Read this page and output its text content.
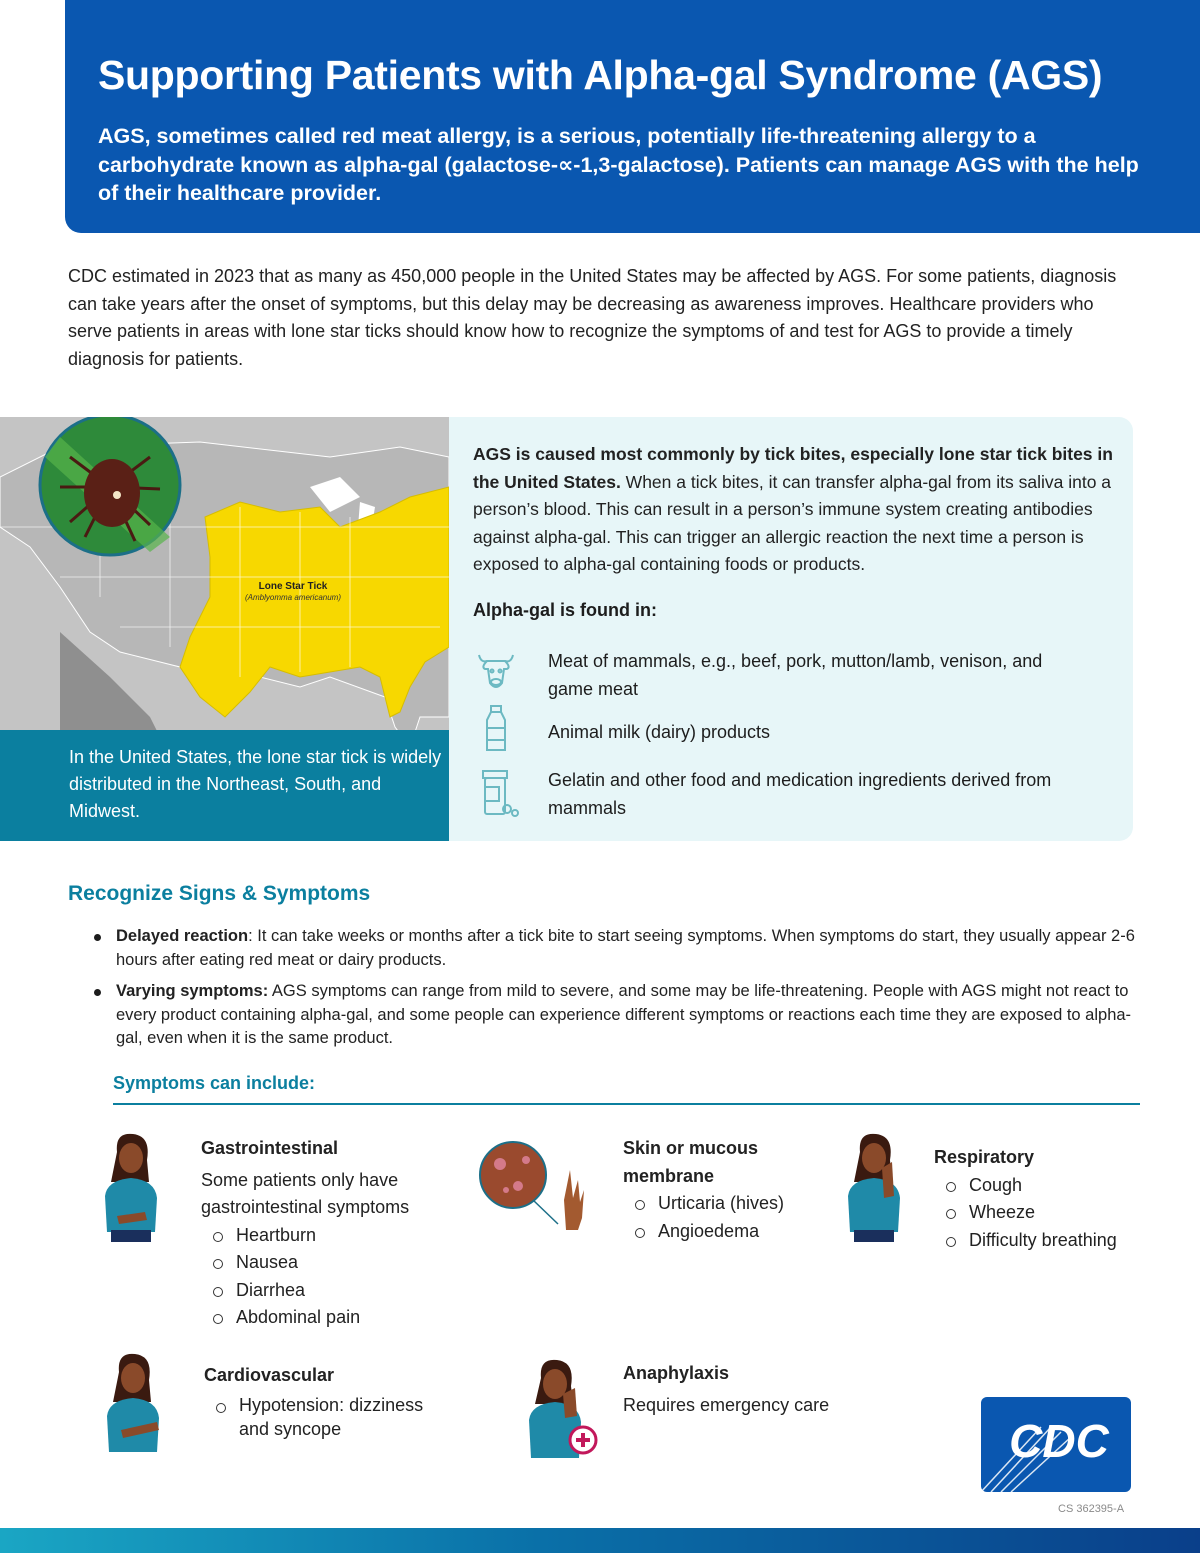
Supporting Patients with Alpha-gal Syndrome (AGS)

AGS, sometimes called red meat allergy, is a serious, potentially life-threatening allergy to a carbohydrate known as alpha-gal (galactose-∝-1,3-galactose). Patients can manage AGS with the help of their healthcare provider.

CDC estimated in 2023 that as many as 450,000 people in the United States may be affected by AGS. For some patients, diagnosis can take years after the onset of symptoms, but this delay may be decreasing as awareness improves. Healthcare providers who serve patients in areas with lone star ticks should know how to recognize the symptoms of and test for AGS to provide a timely diagnosis for patients.

Lone Star Tick
(Amblyomma americanum)
In the United States, the lone star tick is widely distributed in the Northeast, South, and Midwest.

AGS is caused most commonly by tick bites, especially lone star tick bites in the United States. When a tick bites, it can transfer alpha-gal from its saliva into a person’s blood. This can result in a person’s immune system creating antibodies against alpha-gal. This can trigger an allergic reaction the next time a person is exposed to alpha-gal containing foods or products.

Alpha-gal is found in:
Meat of mammals, e.g., beef, pork, mutton/lamb, venison, and game meat
Animal milk (dairy) products
Gelatin and other food and medication ingredients derived from mammals
Recognize Signs & Symptoms
Delayed reaction: It can take weeks or months after a tick bite to start seeing symptoms. When symptoms do start, they usually appear 2-6 hours after eating red meat or dairy products.
Varying symptoms: AGS symptoms can range from mild to severe, and some may be life-threatening. People with AGS might not react to every product containing alpha-gal, and some people can experience different symptoms or reactions each time they are exposed to alpha-gal, even when it is the same product.
Symptoms can include:
Gastrointestinal
Some patients only have gastrointestinal symptoms
Heartburn
Nausea
Diarrhea
Abdominal pain
Skin or mucous membrane
Urticaria (hives)
Angioedema
Respiratory
Cough
Wheeze
Difficulty breathing
Cardiovascular
Hypotension: dizziness and syncope
Anaphylaxis
Requires emergency care
CDC
CS 362395-A
